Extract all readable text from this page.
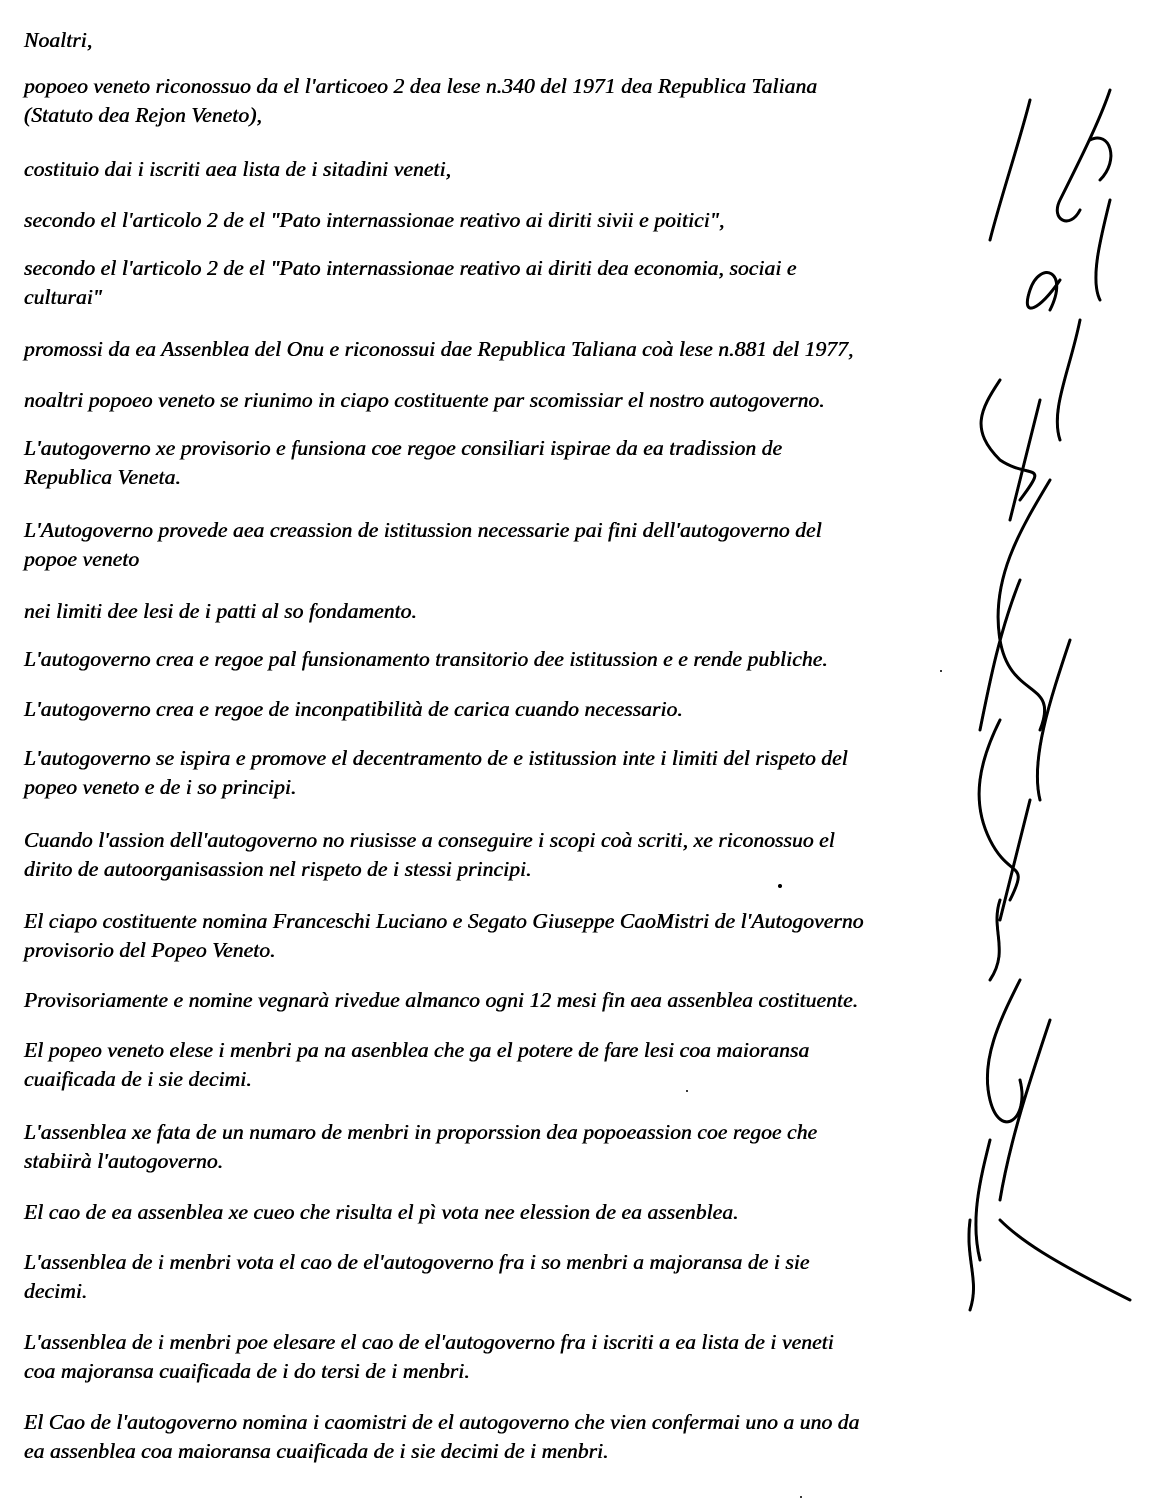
Noaltri,

popoeo veneto riconossuo da el l'articoeo 2 dea lese n.340 del 1971 dea Republica Taliana
(Statuto dea Rejon Veneto),

costituio dai i iscriti aea lista de i sitadini veneti,

secondo el l'articolo 2 de el "Pato internassionae reativo ai diriti sivii e poitici",

secondo el l'articolo 2 de el "Pato internassionae reativo ai diriti dea economia, sociai e
culturai"

promossi da ea Assenblea del Onu e riconossui dae Republica Taliana coà lese n.881 del 1977,

noaltri popoeo veneto se riunimo in ciapo costituente par scomissiar el nostro autogoverno.

L'autogoverno xe provisorio e funsiona coe regoe consiliari ispirae da ea tradission de
Republica Veneta.

L'Autogoverno provede aea creassion de istitussion necessarie pai fini dell'autogoverno del
popoe veneto

nei limiti dee lesi de i patti al so fondamento.

L'autogoverno crea e regoe pal funsionamento transitorio dee istitussion e e rende publiche.

L'autogoverno crea e regoe de inconpatibilità de carica cuando necessario.

L'autogoverno se ispira e promove el decentramento de e istitussion inte i limiti del rispeto del
popeo veneto e de i so principi.

Cuando l'assion dell'autogoverno no riusisse a conseguire i scopi coà scriti, xe riconossuo el
dirito de autoorganisassion nel rispeto de i stessi principi.

El ciapo costituente nomina Franceschi Luciano e Segato Giuseppe CaoMistri de l'Autogoverno
provisorio del Popeo Veneto.

Provisoriamente e nomine vegnarà rivedue almanco ogni 12 mesi fin aea assenblea costituente.

El popeo veneto elese i menbri pa na asenblea che ga el potere de fare lesi coa maioransa
cuaificada de i sie decimi.

L'assenblea xe fata de un numaro de menbri in proporssion dea popoeassion coe regoe che
stabiirà l'autogoverno.

El cao de ea assenblea xe cueo che risulta el pì vota nee elession de ea assenblea.

L'assenblea de i menbri vota el cao de el'autogoverno fra i so menbri a majoransa de i sie
decimi.

L'assenblea de i menbri poe elesare el cao de el'autogoverno fra i iscriti a ea lista de i veneti
coa majoransa cuaificada de i do tersi de i menbri.

El Cao de l'autogoverno nomina i caomistri de el autogoverno che vien confermai uno a uno da
ea assenblea coa maioransa cuaificada de i sie decimi de i menbri.
